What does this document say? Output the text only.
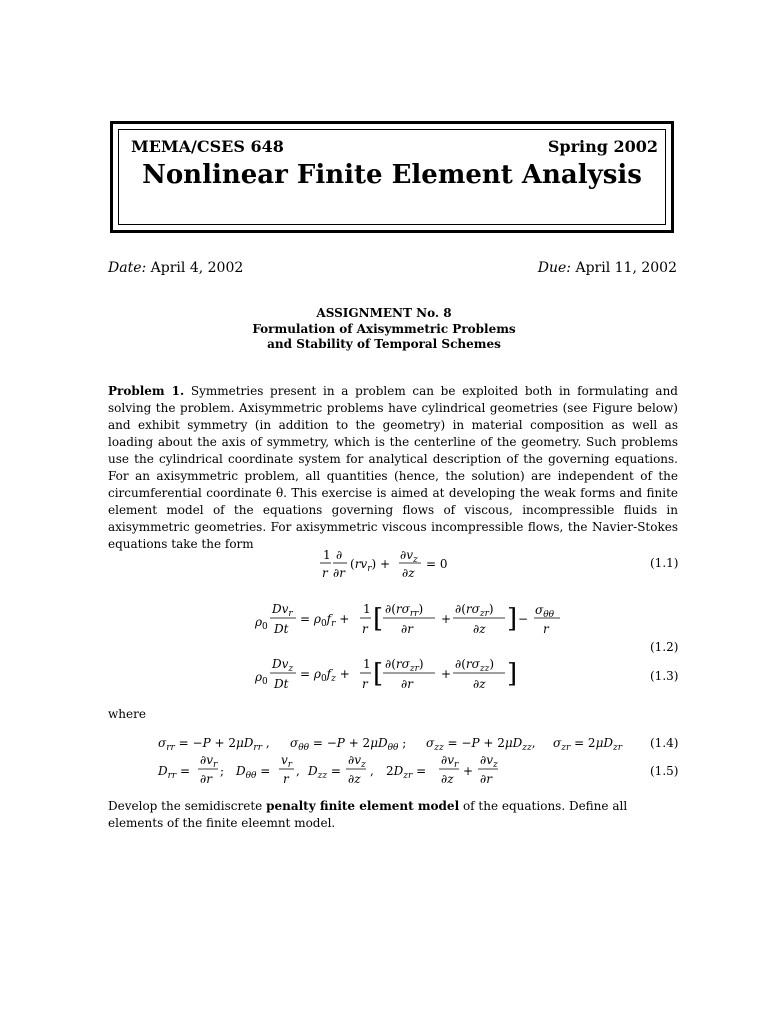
MEMA/CSES 648	Spring 2002
Nonlinear Finite Element Analysis
Date: April 4, 2002	Due: April 11, 2002
ASSIGNMENT No. 8
Formulation of Axisymmetric Problems
and Stability of Temporal Schemes
Problem 1. Symmetries present in a problem can be exploited both in formulating and solving the problem. Axisymmetric problems have cylindrical geometries (see Figure below) and exhibit symmetry (in addition to the geometry) in material composition as well as loading about the axis of symmetry, which is the centerline of the geometry. Such problems use the cylindrical coordinate system for analytical description of the governing equations. For an axisymmetric problem, all quantities (hence, the solution) are independent of the circumferential coordinate θ. This exercise is aimed at developing the weak forms and finite element model of the equations governing flows of viscous, incompressible fluids in axisymmetric geometries. For axisymmetric viscous incompressible flows, the Navier-Stokes equations take the form
1
r
∂
∂r
$(rv_r)$ +
$\partial v_z$
∂z
= 0	(1.1)
ρ 0
$Dv_r$
Dt
= $\rho_0f_r$ +
1
r [ $\partial(r\sigma_{rr})$
∂r
+
$\partial(r\sigma_{zr})$
∂z ] −
$\sigma_{\theta\theta}$
r
(1.2)
ρ 0
$Dv_z$
Dt
= $\rho_0f_z$ +
1
r [ $\partial(r\sigma_{zr})$
∂r
+
$\partial(r\sigma_{zz})$
∂z ]	(1.3)
where
$\sigma_{rr} = -P + 2\mu D_{rr}$ , $\sigma_{\theta\theta} = -P + 2\mu D_{\theta\theta}$ ; $\sigma_{zz} = -P + 2\mu D_{zz}$, $\sigma_{zr} = 2\mu D_{zr}$ (1.4)
$D_{rr}$ =
$\partial v_r$
∂r
; $D_{\theta\theta}$ =
$v_r$
r
, $D_{zz}$ =
$\partial v_z$
∂z
, $2D_{zr}$ =
$\partial v_r$
∂z
+
$\partial v_z$
∂r
(1.5)
Develop the semidiscrete penalty finite element model of the equations. Define all elements of the finite eleemnt model.
